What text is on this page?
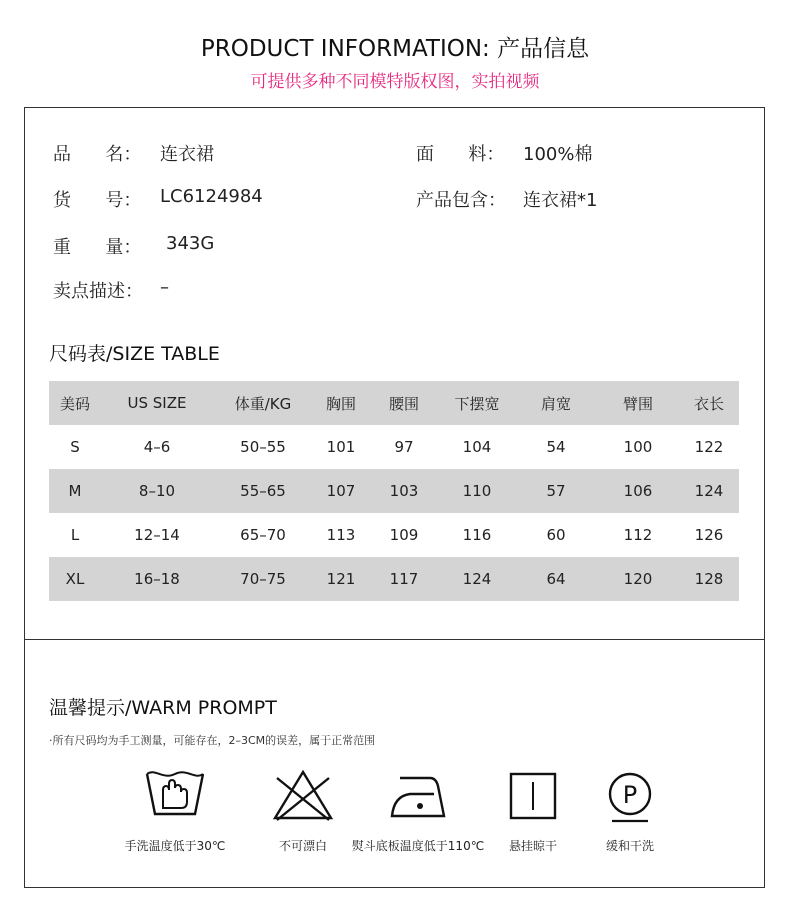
PRODUCT INFORMATION: 产品信息
可提供多种不同模特版权图，实拍视频
品      名： 连衣裙	面      料： 100%棉
货      号： LC6124984	产品包含： 连衣裙*1
重      量： 343G
卖点描述： –
尺码表/SIZE TABLE
美码	US SIZE	体重/KG	胸围	腰围	下摆宽	肩宽	臂围	衣长
S	4–6	50–55	101	97	104	54	100	122
M	8–10	55–65	107	103	110	57	106	124
L	12–14	65–70	113	109	116	60	112	126
XL	16–18	70–75	121	117	124	64	120	128
温馨提示/WARM PROMPT
·所有尺码均为手工测量，可能存在，2–3CM的误差，属于正常范围
手洗温度低于30℃	不可漂白	熨斗底板温度低于110℃	悬挂晾干
P
缓和干洗
